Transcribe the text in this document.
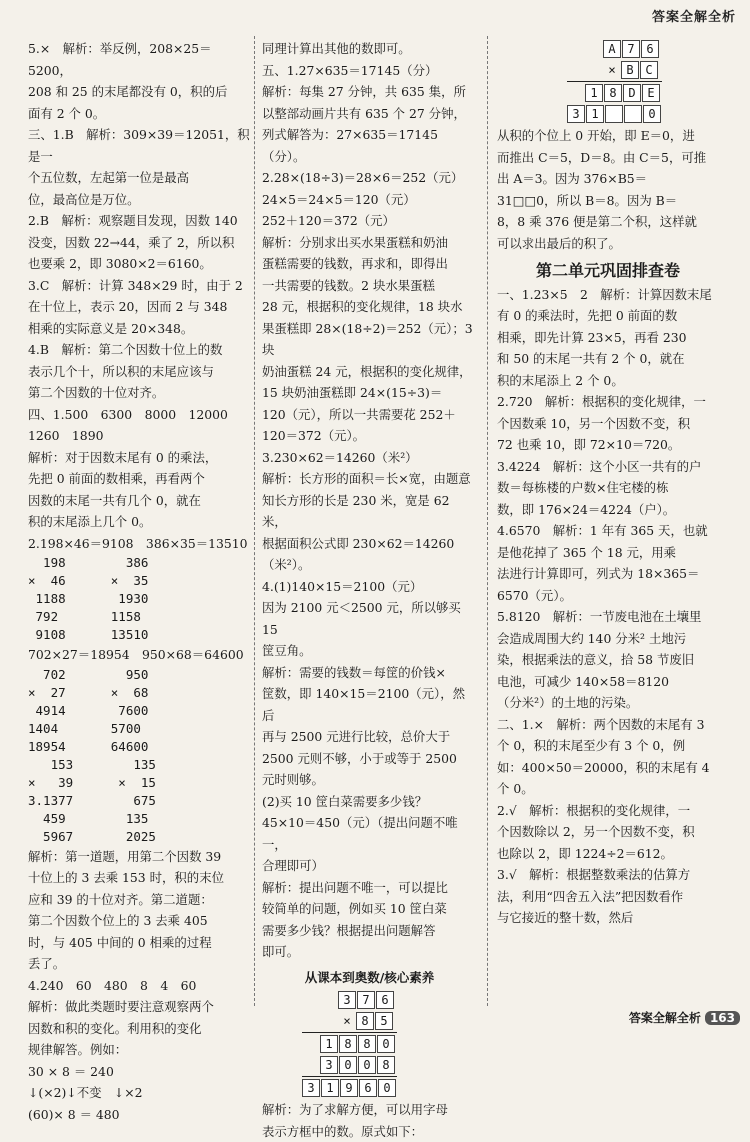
答案全解全析

5.×　解析：举反例，208×25＝5200，

208 和 25 的末尾都没有 0，积的后

面有 2 个 0。

三、1.B　解析：309×39＝12051，积是一

个五位数，左起第一位是最高

位，最高位是万位。

2.B　解析：观察题目发现，因数 140

没变，因数 22→44，乘了 2，所以积

也要乘 2，即 3080×2＝6160。

3.C　解析：计算 348×29 时，由于 2

在十位上，表示 20，因而 2 与 348

相乘的实际意义是 20×348。

4.B　解析：第二个因数十位上的数

表示几个十，所以积的末尾应该与

第二个因数的十位对齐。

四、1.500　6300　8000　12000

1260　1890

解析：对于因数末尾有 0 的乘法，

先把 0 前面的数相乘，再看两个

因数的末尾一共有几个 0，就在

积的末尾添上几个 0。

2.198×46＝9108　386×35＝13510

198        386
×  46      ×  35
1188       1930
792       1158
9108      13510

702×27＝18954　950×68＝64600

702        950
×  27      ×  68
4914       7600
1404       5700
18954      64600
153        135
×   39      ×  15
3.1377        675
459        135
5967       2025

解析：第一道题，用第二个因数 39

十位上的 3 去乘 153 时，积的末位

应和 39 的十位对齐。第二道题：

第二个因数个位上的 3 去乘 405

时，与 405 中间的 0 相乘的过程

丢了。

4.240　60　480　8　4　60

解析：做此类题时要注意观察两个

因数和积的变化。利用积的变化

规律解答。例如：

30 × 8 ＝ 240

↓(×2)↓不变　↓×2

(60)× 8 ＝ 480

同理计算出其他的数即可。

五、1.27×635＝17145（分）

解析：每集 27 分钟，共 635 集，所

以整部动画片共有 635 个 27 分钟，

列式解答为：27×635＝17145（分）。

2.28×(18÷3)＝28×6＝252（元）

24×5＝24×5＝120（元）

252＋120＝372（元）

解析：分别求出买水果蛋糕和奶油

蛋糕需要的钱数，再求和，即得出

一共需要的钱数。2 块水果蛋糕

28 元，根据积的变化规律，18 块水

果蛋糕即 28×(18÷2)＝252（元）；3 块

奶油蛋糕 24 元，根据积的变化规律，

15 块奶油蛋糕即 24×(15÷3)＝

120（元），所以一共需要花 252＋

120＝372（元）。

3.230×62＝14260（米²）

解析：长方形的面积＝长×宽，由题意

知长方形的长是 230 米，宽是 62 米，

根据面积公式即 230×62＝14260（米²）。

4.(1)140×15＝2100（元）

因为 2100 元＜2500 元，所以够买 15

筐豆角。

解析：需要的钱数＝每筐的价钱×

筐数，即 140×15＝2100（元），然后

再与 2500 元进行比较，总价大于

2500 元则不够，小于或等于 2500

元时则够。

(2)买 10 筐白菜需要多少钱？

45×10＝450（元）（提出问题不唯一，

合理即可）

解析：提出问题不唯一，可以提比

较简单的问题，例如买 10 筐白菜

需要多少钱？根据提出问题解答

即可。

从课本到奥数/核心素养
3 7 6
× 8 5
1 8 8 0
3 0 0 8
3 1 9 6 0

解析：为了求解方便，可以用字母

表示方框中的数。原式如下：

A 7 6
× B C
1 8 D E
3 1	0

从积的个位上 0 开始，即 E＝0，进

而推出 C＝5，D＝8。由 C＝5，可推

出 A＝3。因为 376×B5＝

31□□0，所以 B＝8。因为 B＝

8，8 乘 376 便是第二个积，这样就

可以求出最后的积了。

第二单元巩固排查卷

一、1.23×5　2　解析：计算因数末尾

有 0 的乘法时，先把 0 前面的数

相乘，即先计算 23×5，再看 230

和 50 的末尾一共有 2 个 0，就在

积的末尾添上 2 个 0。

2.720　解析：根据积的变化规律，一

个因数乘 10，另一个因数不变，积

72 也乘 10，即 72×10＝720。

3.4224　解析：这个小区一共有的户

数＝每栋楼的户数×住宅楼的栋

数，即 176×24＝4224（户）。

4.6570　解析：1 年有 365 天，也就

是他花掉了 365 个 18 元，用乘

法进行计算即可，列式为 18×365＝

6570（元）。

5.8120　解析：一节废电池在土壤里

会造成周围大约 140 分米² 土地污

染，根据乘法的意义，拾 58 节废旧

电池，可减少 140×58＝8120

（分米²）的土地的污染。

二、1.×　解析：两个因数的末尾有 3

个 0，积的末尾至少有 3 个 0，例

如：400×50＝20000，积的末尾有 4

个 0。

2.√　解析：根据积的变化规律，一

个因数除以 2，另一个因数不变，积

也除以 2，即 1224÷2＝612。

3.√　解析：根据整数乘法的估算方

法，利用“四舍五入法”把因数看作

与它接近的整十数，然后

答案全解全析 163
